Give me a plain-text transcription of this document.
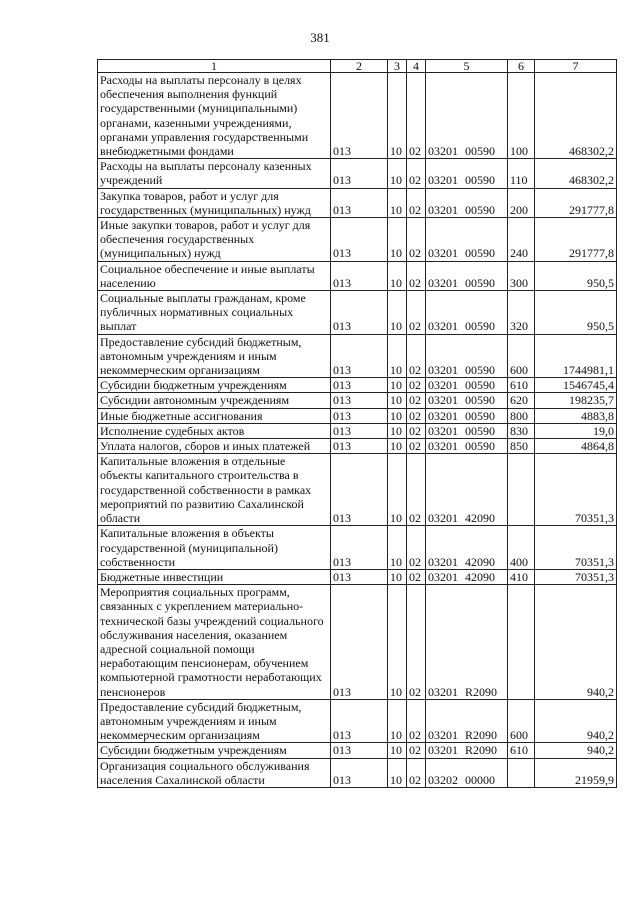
381
1	2	3	4	5	6	7
Расходы на выплаты персоналу в целях обеспечения выполнения функций государственными (муниципальными) органами, казенными учреждениями, органами управления государственными внебюджетными фондами	013	10	02	03201 00590	100	468302,2
Расходы на выплаты персоналу казенных учреждений	013	10	02	03201 00590	110	468302,2
Закупка товаров, работ и услуг для государственных (муниципальных) нужд	013	10	02	03201 00590	200	291777,8
Иные закупки товаров, работ и услуг для обеспечения государственных (муниципальных) нужд	013	10	02	03201 00590	240	291777,8
Социальное обеспечение и иные выплаты населению	013	10	02	03201 00590	300	950,5
Социальные выплаты гражданам, кроме публичных нормативных социальных выплат	013	10	02	03201 00590	320	950,5
Предоставление субсидий бюджетным, автономным учреждениям и иным некоммерческим организациям	013	10	02	03201 00590	600	1744981,1
Субсидии бюджетным учреждениям	013	10	02	03201 00590	610	1546745,4
Субсидии автономным учреждениям	013	10	02	03201 00590	620	198235,7
Иные бюджетные ассигнования	013	10	02	03201 00590	800	4883,8
Исполнение судебных актов	013	10	02	03201 00590	830	19,0
Уплата налогов, сборов и иных платежей	013	10	02	03201 00590	850	4864,8
Капитальные вложения в отдельные объекты капитального строительства в государственной собственности в рамках мероприятий по развитию Сахалинской области	013	10	02	03201 42090		70351,3
Капитальные вложения в объекты государственной (муниципальной) собственности	013	10	02	03201 42090	400	70351,3
Бюджетные инвестиции	013	10	02	03201 42090	410	70351,3
Мероприятия социальных программ, связанных с укреплением материально-технической базы учреждений социального обслуживания населения, оказанием адресной социальной помощи неработающим пенсионерам, обучением компьютерной грамотности неработающих пенсионеров	013	10	02	03201 R2090		940,2
Предоставление субсидий бюджетным, автономным учреждениям и иным некоммерческим организациям	013	10	02	03201 R2090	600	940,2
Субсидии бюджетным учреждениям	013	10	02	03201 R2090	610	940,2
Организация социального обслуживания населения Сахалинской области	013	10	02	03202 00000		21959,9
